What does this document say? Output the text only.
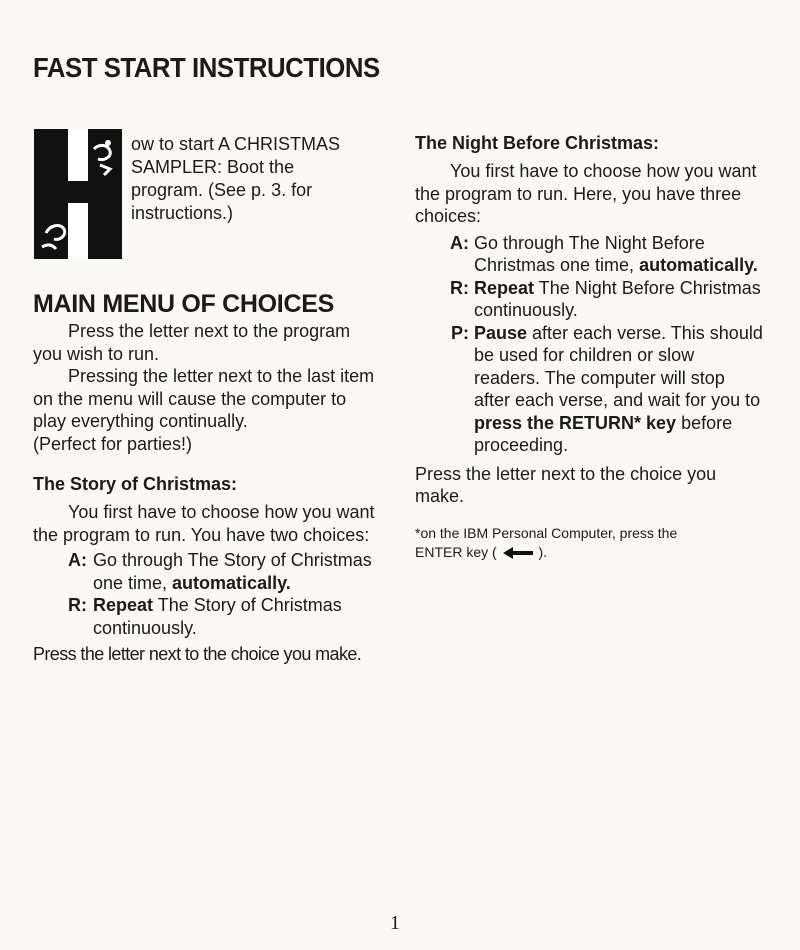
FAST START INSTRUCTIONS

ow to start A CHRISTMAS SAMPLER: Boot the program. (See p. 3. for instructions.)

MAIN MENU OF CHOICES

Press the letter next to the program you wish to run.

Pressing the letter next to the last item on the menu will cause the computer to play everything continually.

(Perfect for parties!)

The Story of Christmas:

You first have to choose how you want the program to run. You have two choices:

A: Go through The Story of Christmas one time, automatically.
R: Repeat The Story of Christmas continuously.

Press the letter next to the choice you make.

The Night Before Christmas:

You first have to choose how you want the program to run. Here, you have three choices:

A: Go through The Night Before Christmas one time, automatically.
R: Repeat The Night Before Christmas continuously.
P: Pause after each verse. This should be used for children or slow readers. The computer will stop after each verse, and wait for you to press the RETURN* key before proceeding.

Press the letter next to the choice you make.

*on the IBM Personal Computer, press the
ENTER key (  ).
1
